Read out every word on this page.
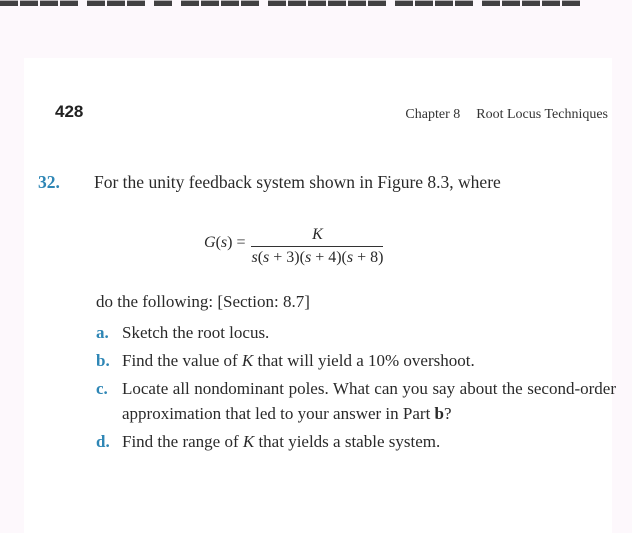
428	Chapter 8 Root Locus Techniques
32. For the unity feedback system shown in Figure 8.3, where
$G(s) = \frac{K}{s(s + 3)(s + 4)(s + 8)}$
do the following: [Section: 8.7]
a. Sketch the root locus.
b. Find the value of K that will yield a 10% overshoot.
c. Locate all nondominant poles. What can you say about the second-order approximation that led to your answer in Part b?
d. Find the range of K that yields a stable system.
